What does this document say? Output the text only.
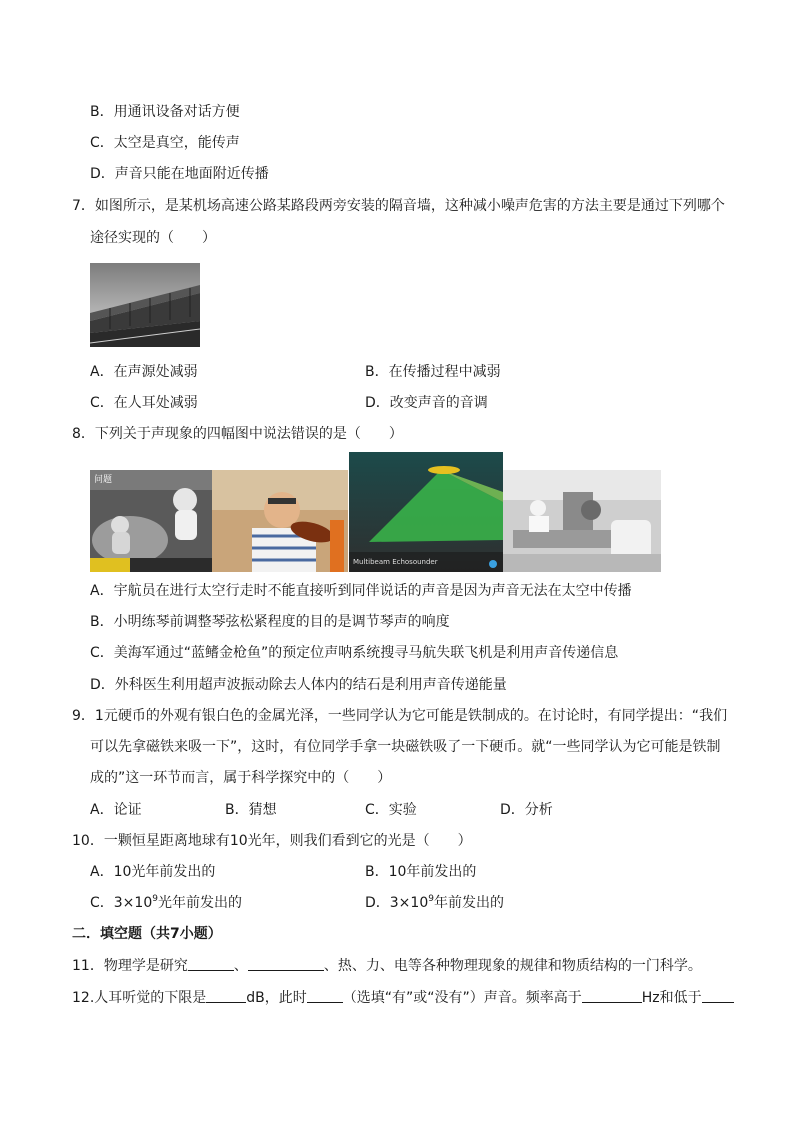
B．用通讯设备对话方便
C．太空是真空，能传声
D．声音只能在地面附近传播
7．如图所示，是某机场高速公路某路段两旁安装的隔音墙，这种减小噪声危害的方法主要是通过下列哪个
途径实现的（　　）
A．在声源处减弱	B．在传播过程中减弱
C．在人耳处减弱	D．改变声音的音调
8．下列关于声现象的四幅图中说法错误的是（　　）
问题
Multibeam Echosounder
A．宇航员在进行太空行走时不能直接听到同伴说话的声音是因为声音无法在太空中传播
B．小明练琴前调整琴弦松紧程度的目的是调节琴声的响度
C．美海军通过“蓝鳍金枪鱼”的预定位声呐系统搜寻马航失联飞机是利用声音传递信息
D．外科医生利用超声波振动除去人体内的结石是利用声音传递能量
9．1元硬币的外观有银白色的金属光泽，一些同学认为它可能是铁制成的。在讨论时，有同学提出：“我们
可以先拿磁铁来吸一下”，这时，有位同学手拿一块磁铁吸了一下硬币。就“一些同学认为它可能是铁制
成的”这一环节而言，属于科学探究中的（　　）
A．论证	B．猜想	C．实验	D．分析
10．一颗恒星距离地球有10光年，则我们看到它的光是（　　）
A．10光年前发出的	B．10年前发出的
C．$3\times 10^9$光年前发出的	D．$3\times 10^9$年前发出的
二．填空题（共7小题）
11．物理学是研究	、	、热、力、电等各种物理现象的规律和物质结构的一门科学。
12.人耳听觉的下限是	dB，此时	（选填“有”或“没有”）声音。频率高于	Hz和低于
